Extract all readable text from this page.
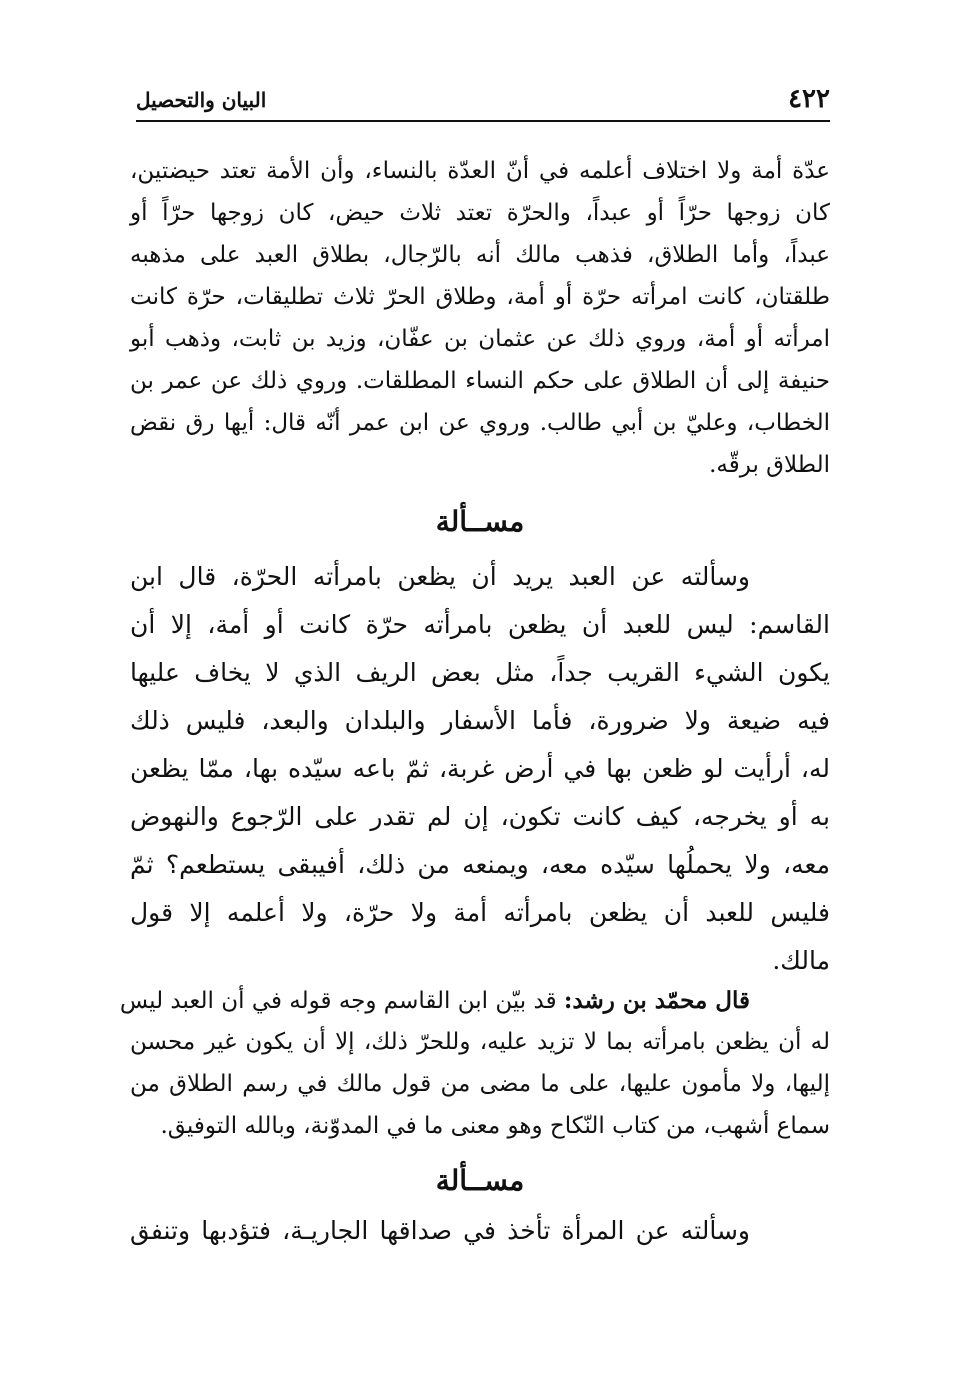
٤٢٢
البيان والتحصيل
عدّة أمة ولا اختلاف أعلمه في أنّ العدّة بالنساء، وأن الأمة تعتد حيضتين،
كان زوجها حرّاً أو عبداً، والحرّة تعتد ثلاث حيض، كان زوجها حرّاً أو
عبداً، وأما الطلاق، فذهب مالك أنه بالرّجال، بطلاق العبد على مذهبه
طلقتان، كانت امرأته حرّة أو أمة، وطلاق الحرّ ثلاث تطليقات، حرّة كانت
امرأته أو أمة، وروي ذلك عن عثمان بن عفّان، وزيد بن ثابت، وذهب أبو
حنيفة إلى أن الطلاق على حكم النساء المطلقات. وروي ذلك عن عمر بن
الخطاب، وعليّ بن أبي طالب. وروي عن ابن عمر أنّه قال: أيها رق نقض
الطلاق برقّه.
مســألة
وسألته عن العبد يريد أن يظعن بامرأته الحرّة، قال ابن
القاسم: ليس للعبد أن يظعن بامرأته حرّة كانت أو أمة، إلا أن
يكون الشيء القريب جداً، مثل بعض الريف الذي لا يخاف عليها
فيه ضيعة ولا ضرورة، فأما الأسفار والبلدان والبعد، فليس ذلك
له، أرأيت لو ظعن بها في أرض غربة، ثمّ باعه سيّده بها، ممّا يظعن
به أو يخرجه، كيف كانت تكون، إن لم تقدر على الرّجوع والنهوض
معه، ولا يحملُها سيّده معه، ويمنعه من ذلك، أفيبقى يستطعم؟ ثمّ
فليس للعبد أن يظعن بامرأته أمة ولا حرّة، ولا أعلمه إلا قول
مالك.
قال محمّد بن رشد: قد بيّن ابن القاسم وجه قوله في أن العبد ليس
له أن يظعن بامرأته بما لا تزيد عليه، وللحرّ ذلك، إلا أن يكون غير محسن
إليها، ولا مأمون عليها، على ما مضى من قول مالك في رسم الطلاق من
سماع أشهب، من كتاب النّكاح وهو معنى ما في المدوّنة، وبالله التوفيق.
مســألة
وسألته عن المرأة تأخذ في صداقها الجاريـة، فتؤدبها وتنفق
